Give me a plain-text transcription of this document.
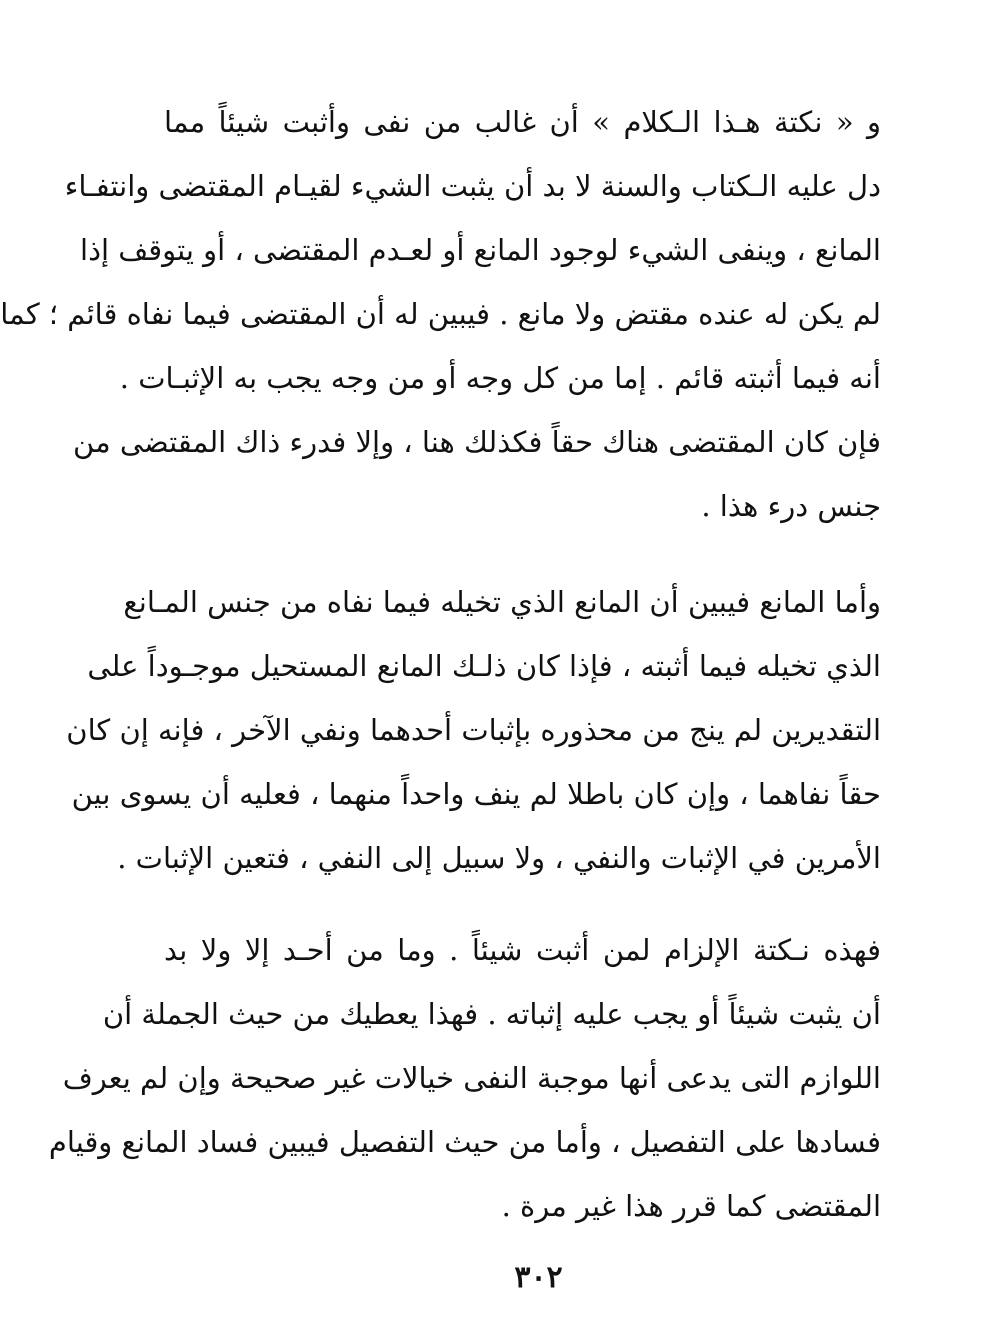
و « نكتة هـذا الـكلام » أن غالب من نفى وأثبت شيئاً مما
دل عليه الـكتاب والسنة لا بد أن يثبت الشيء لقيـام المقتضى وانتفـاء
المانع ، وينفى الشيء لوجود المانع أو لعـدم المقتضى ، أو يتوقف إذا
لم يكن له عنده مقتض ولا مانع . فيبين له أن المقتضى فيما نفاه قائم ؛ كما
أنه فيما أثبته قائم . إما من كل وجه أو من وجه يجب به الإثبـات .
فإن كان المقتضى هناك حقاً فكذلك هنا ، وإلا فدرء ذاك المقتضى من
جنس درء هذا .
وأما المانع فيبين أن المانع الذي تخيله فيما نفاه من جنس المـانع
الذي تخيله فيما أثبته ، فإذا كان ذلـك المانع المستحيل موجـوداً على
التقديرين لم ينج من محذوره بإثبات أحدهما ونفي الآخر ، فإنه إن كان
حقاً نفاهما ، وإن كان باطلا لم ينف واحداً منهما ، فعليه أن يسوى بين
الأمرين في الإثبات والنفي ، ولا سبيل إلى النفي ، فتعين الإثبات .
فهذه نـكتة الإلزام لمن أثبت شيئاً . وما من أحـد إلا ولا بد
أن يثبت شيئاً أو يجب عليه إثباته . فهذا يعطيك من حيث الجملة أن
اللوازم التى يدعى أنها موجبة النفى خيالات غير صحيحة وإن لم يعرف
فسادها على التفصيل ، وأما من حيث التفصيل فيبين فساد المانع وقيام
المقتضى كما قرر هذا غير مرة .
٣٠٢
